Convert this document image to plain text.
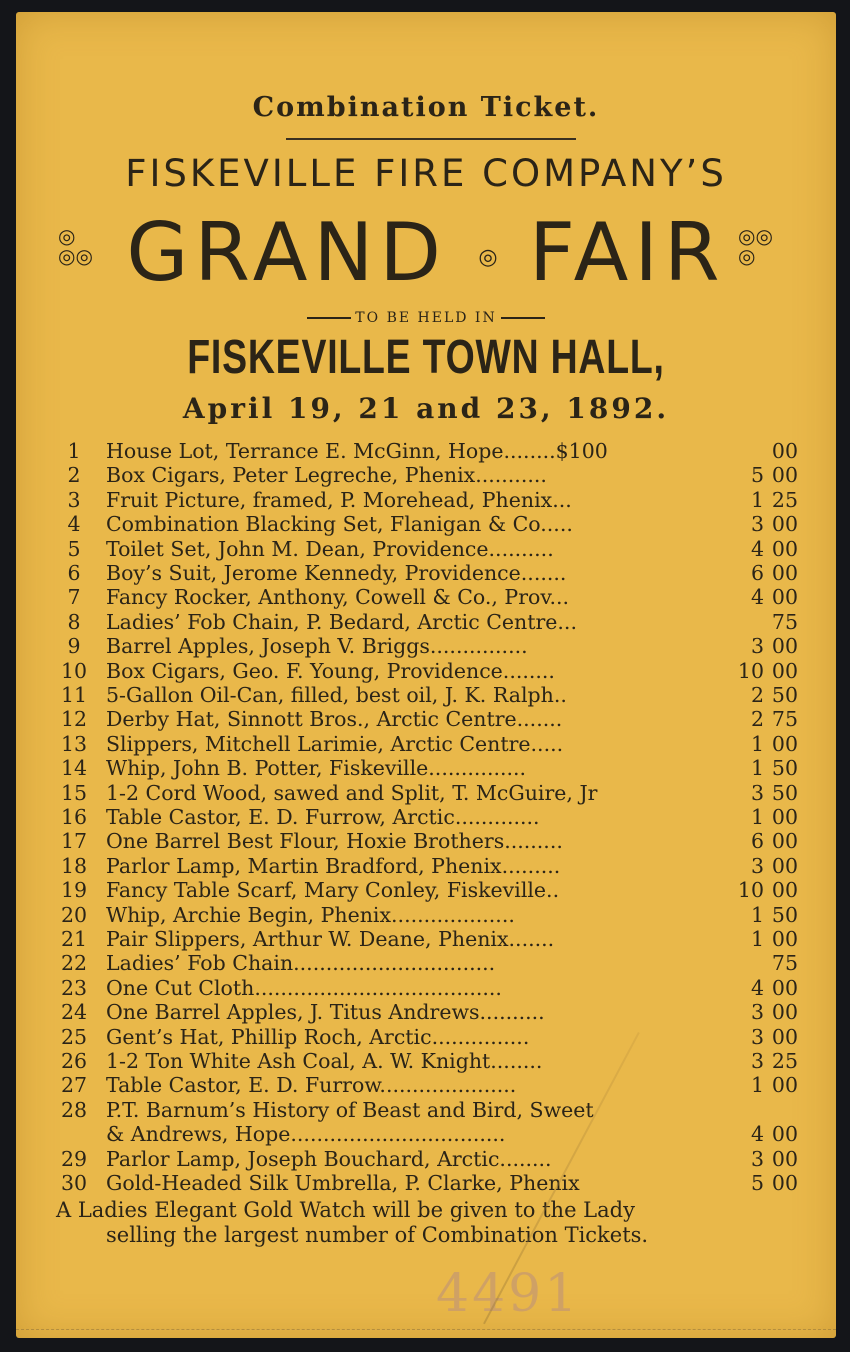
Combination Ticket.
FISKEVILLE FIRE COMPANY’S
◎
◎◎ GRAND ◎ FAIR ◎◎
◎
TO BE HELD IN
FISKEVILLE TOWN HALL,
April 19, 21 and 23, 1892.
1	House Lot, Terrance E. McGinn, Hope........$100	00
2	Box Cigars, Peter Legreche, Phenix...........	5 00
3	Fruit Picture, framed, P. Morehead, Phenix...	1 25
4	Combination Blacking Set, Flanigan & Co.....	3 00
5	Toilet Set, John M. Dean, Providence..........	4 00
6	Boy’s Suit, Jerome Kennedy, Providence.......	6 00
7	Fancy Rocker, Anthony, Cowell & Co., Prov...	4 00
8	Ladies’ Fob Chain, P. Bedard, Arctic Centre...	75
9	Barrel Apples, Joseph V. Briggs...............	3 00
10 Box Cigars, Geo. F. Young, Providence........	10 00
11 5-Gallon Oil-Can, filled, best oil, J. K. Ralph..	2 50
12 Derby Hat, Sinnott Bros., Arctic Centre.......	2 75
13 Slippers, Mitchell Larimie, Arctic Centre.....	1 00
14 Whip, John B. Potter, Fiskeville...............	1 50
15 1-2 Cord Wood, sawed and Split, T. McGuire, Jr	3 50
16 Table Castor, E. D. Furrow, Arctic.............	1 00
17 One Barrel Best Flour, Hoxie Brothers.........	6 00
18 Parlor Lamp, Martin Bradford, Phenix.........	3 00
19 Fancy Table Scarf, Mary Conley, Fiskeville..	10 00
20 Whip, Archie Begin, Phenix...................	1 50
21 Pair Slippers, Arthur W. Deane, Phenix.......	1 00
22 Ladies’ Fob Chain...............................	75
23 One Cut Cloth......................................	4 00
24 One Barrel Apples, J. Titus Andrews..........	3 00
25 Gent’s Hat, Phillip Roch, Arctic...............	3 00
26 1-2 Ton White Ash Coal, A. W. Knight........	3 25
27 Table Castor, E. D. Furrow.....................	1 00
28 P.T. Barnum’s History of Beast and Bird, Sweet
& Andrews, Hope.................................	4 00
29 Parlor Lamp, Joseph Bouchard, Arctic........	3 00
30 Gold-Headed Silk Umbrella, P. Clarke, Phenix	5 00
A Ladies Elegant Gold Watch will be given to the Lady
selling the largest number of Combination Tickets.
4491
